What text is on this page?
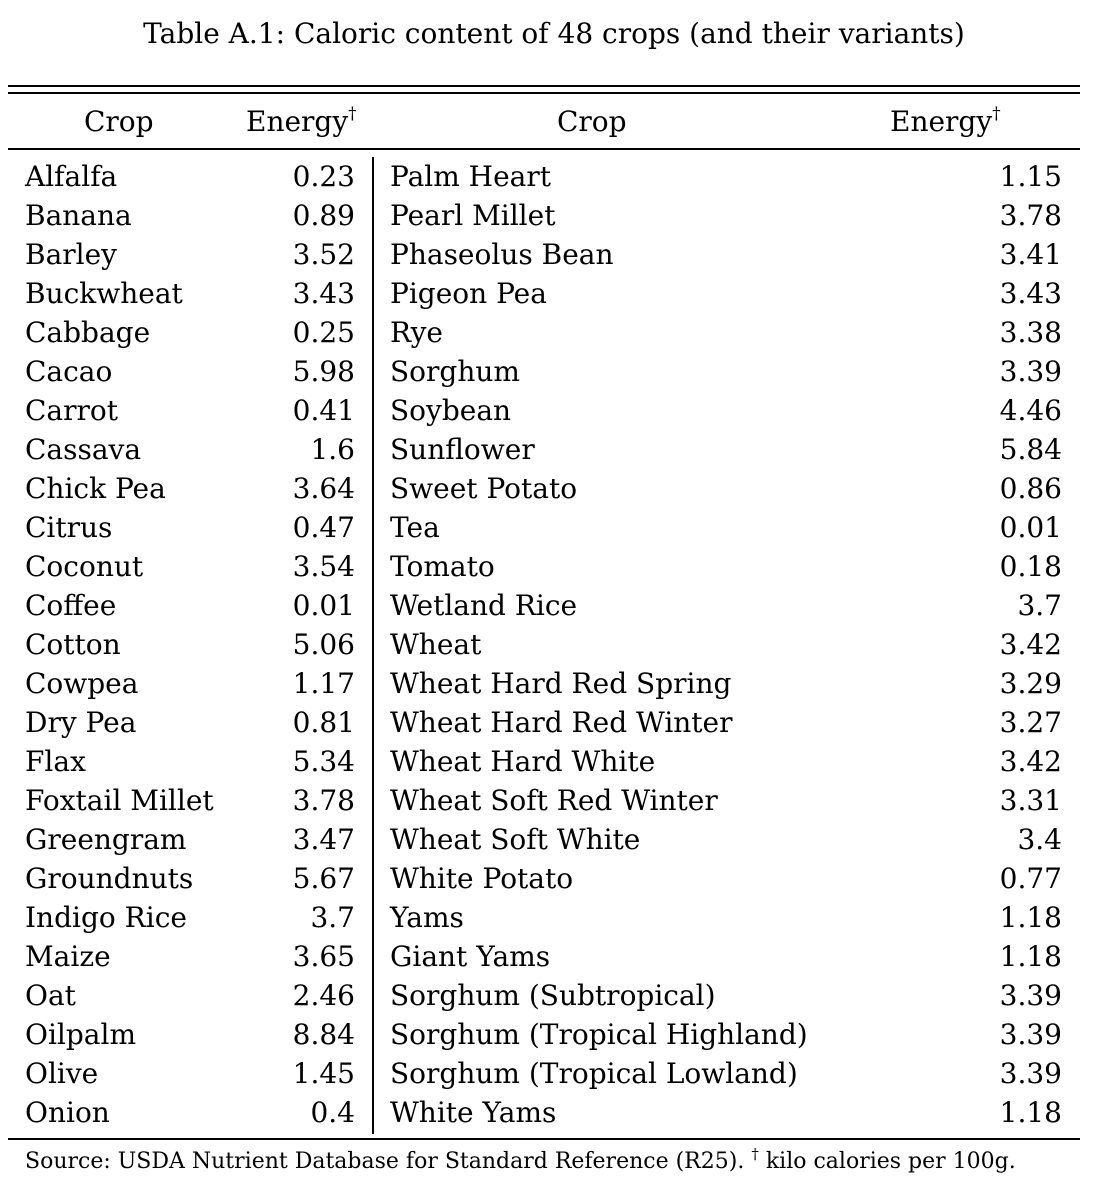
Table A.1: Caloric content of 48 crops (and their variants)
Crop	Energy†	Crop	Energy†
Alfalfa	0.23 Palm Heart	1.15
Banana	0.89 Pearl Millet	3.78
Barley	3.52 Phaseolus Bean	3.41
Buckwheat	3.43 Pigeon Pea	3.43
Cabbage	0.25 Rye	3.38
Cacao	5.98 Sorghum	3.39
Carrot	0.41 Soybean	4.46
Cassava	1.6 Sunflower	5.84
Chick Pea	3.64 Sweet Potato	0.86
Citrus	0.47 Tea	0.01
Coconut	3.54 Tomato	0.18
Coffee	0.01 Wetland Rice	3.7
Cotton	5.06 Wheat	3.42
Cowpea	1.17 Wheat Hard Red Spring	3.29
Dry Pea	0.81 Wheat Hard Red Winter	3.27
Flax	5.34 Wheat Hard White	3.42
Foxtail Millet	3.78 Wheat Soft Red Winter	3.31
Greengram	3.47 Wheat Soft White	3.4
Groundnuts	5.67 White Potato	0.77
Indigo Rice	3.7 Yams	1.18
Maize	3.65 Giant Yams	1.18
Oat	2.46 Sorghum (Subtropical)	3.39
Oilpalm	8.84 Sorghum (Tropical Highland)	3.39
Olive	1.45 Sorghum (Tropical Lowland)	3.39
Onion	0.4 White Yams	1.18
Source: USDA Nutrient Database for Standard Reference (R25). † kilo calories per 100g.
